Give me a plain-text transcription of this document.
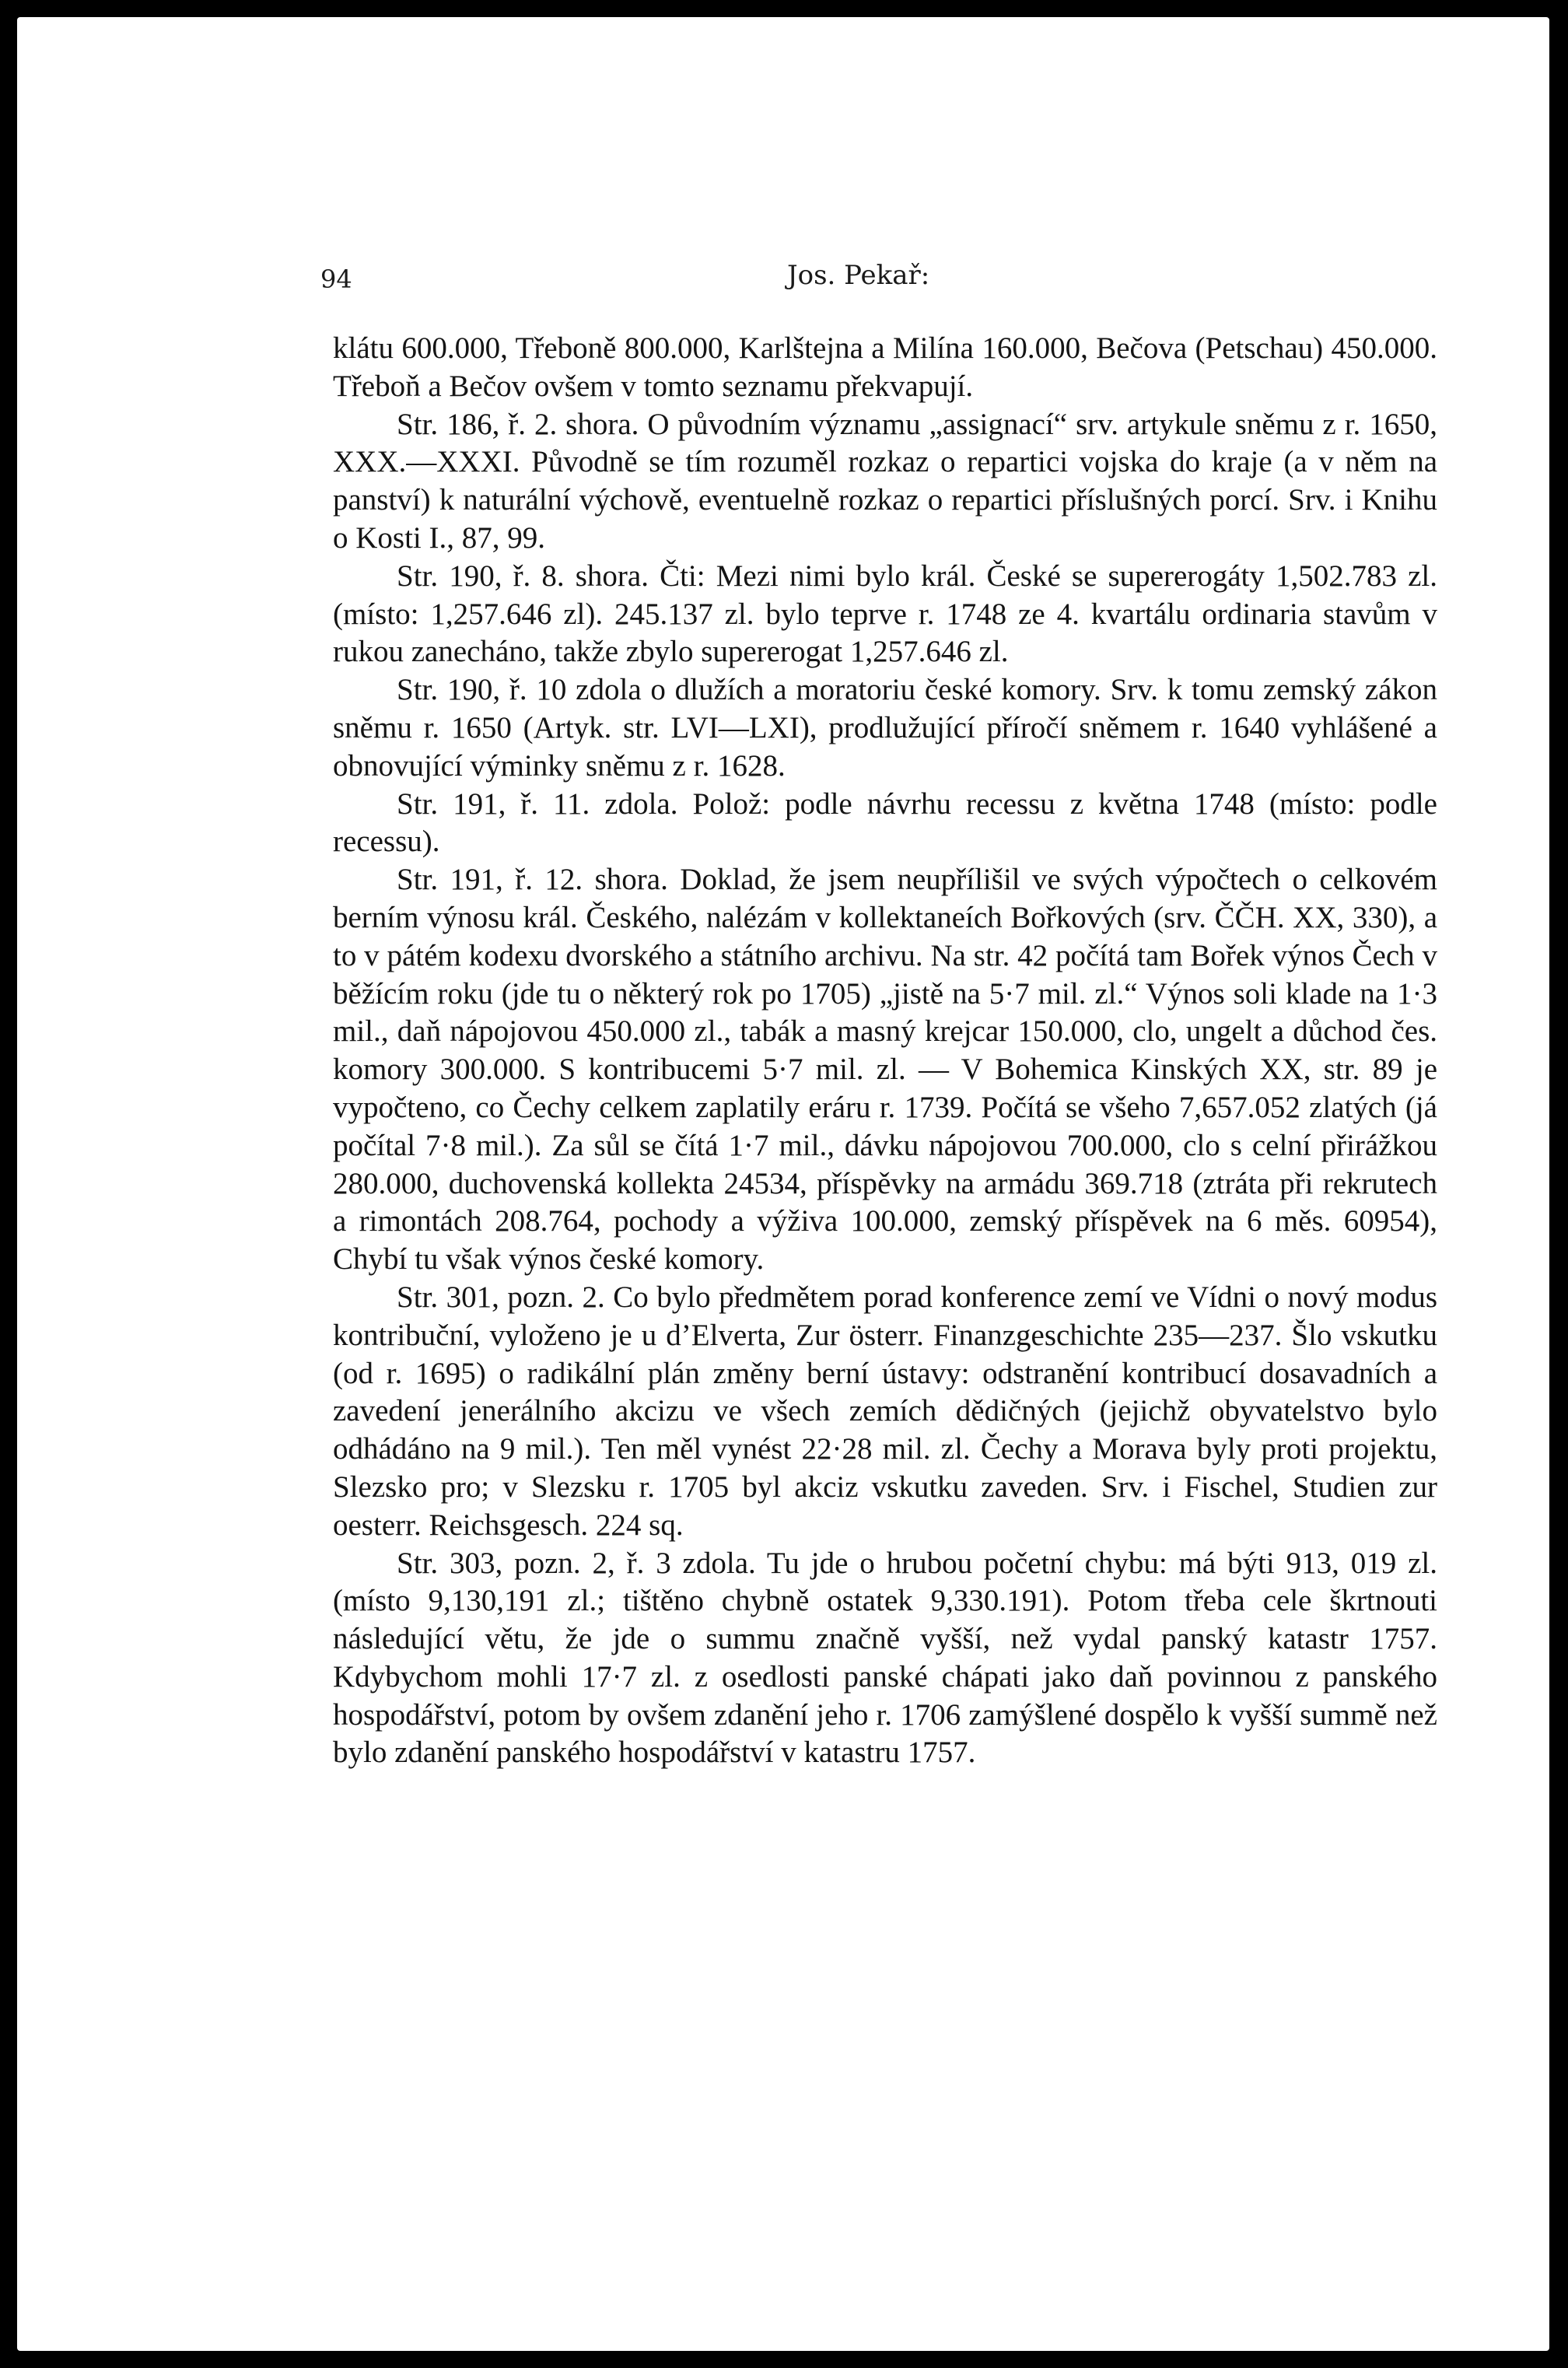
94	Jos. Pekař:

klátu 600.000, Třeboně 800.000, Karlštejna a Milína 160.000, Bečova (Petschau) 450.000. Třeboň a Bečov ovšem v tomto seznamu překvapují.

Str. 186, ř. 2. shora. O původním významu „assignací“ srv. artykule sněmu z r. 1650, XXX.—XXXI. Původně se tím rozuměl rozkaz o repartici vojska do kraje (a v něm na panství) k naturální výchově, eventuelně rozkaz o repartici příslušných porcí. Srv. i Knihu o Kosti I., 87, 99.

Str. 190, ř. 8. shora. Čti: Mezi nimi bylo král. České se supererogáty 1,502.783 zl. (místo: 1,257.646 zl). 245.137 zl. bylo teprve r. 1748 ze 4. kvartálu ordinaria stavům v rukou zanecháno, takže zbylo supererogat 1,257.646 zl.

Str. 190, ř. 10 zdola o dlužích a moratoriu české komory. Srv. k tomu zemský zákon sněmu r. 1650 (Artyk. str. LVI—LXI), prodlužující příročí sněmem r. 1640 vyhlášené a obnovující výminky sněmu z r. 1628.

Str. 191, ř. 11. zdola. Polož: podle návrhu recessu z května 1748 (místo: podle recessu).

Str. 191, ř. 12. shora. Doklad, že jsem neupřílišil ve svých výpočtech o celkovém berním výnosu král. Českého, nalézám v kollektaneích Bořkových (srv. ČČH. XX, 330), a to v pátém kodexu dvorského a státního archivu. Na str. 42 počítá tam Bořek výnos Čech v běžícím roku (jde tu o některý rok po 1705) „jistě na 5·7 mil. zl.“ Výnos soli klade na 1·3 mil., daň nápojovou 450.000 zl., tabák a masný krejcar 150.000, clo, ungelt a důchod čes. komory 300.000. S kontribucemi 5·7 mil. zl. — V Bohemica Kinských XX, str. 89 je vypočteno, co Čechy celkem zaplatily eráru r. 1739. Počítá se všeho 7,657.052 zlatých (já počítal 7·8 mil.). Za sůl se čítá 1·7 mil., dávku nápojovou 700.000, clo s celní přirážkou 280.000, duchovenská kollekta 24534, příspěvky na armádu 369.718 (ztráta při rekrutech a rimontách 208.764, pochody a výživa 100.000, zemský příspěvek na 6 měs. 60954), Chybí tu však výnos české komory.

Str. 301, pozn. 2. Co bylo předmětem porad konference zemí ve Vídni o nový modus kontribuční, vyloženo je u d’Elverta, Zur österr. Finanzgeschichte 235—237. Šlo vskutku (od r. 1695) o radikální plán změny berní ústavy: odstranění kontribucí dosavadních a zavedení jenerálního akcizu ve všech zemích dědičných (jejichž obyvatelstvo bylo odhádáno na 9 mil.). Ten měl vynést 22·28 mil. zl. Čechy a Morava byly proti projektu, Slezsko pro; v Slezsku r. 1705 byl akciz vskutku zaveden. Srv. i Fischel, Studien zur oesterr. Reichsgesch. 224 sq.

Str. 303, pozn. 2, ř. 3 zdola. Tu jde o hrubou početní chybu: má býti 913, 019 zl. (místo 9,130,191 zl.; tištěno chybně ostatek 9,330.191). Potom třeba cele škrtnouti následující větu, že jde o summu značně vyšší, než vydal panský katastr 1757. Kdybychom mohli 17·7 zl. z osedlosti panské chápati jako daň povinnou z panského hospodářství, potom by ovšem zdanění jeho r. 1706 zamýšlené dospělo k vyšší summě než bylo zdanění panského hospodářství v katastru 1757.
